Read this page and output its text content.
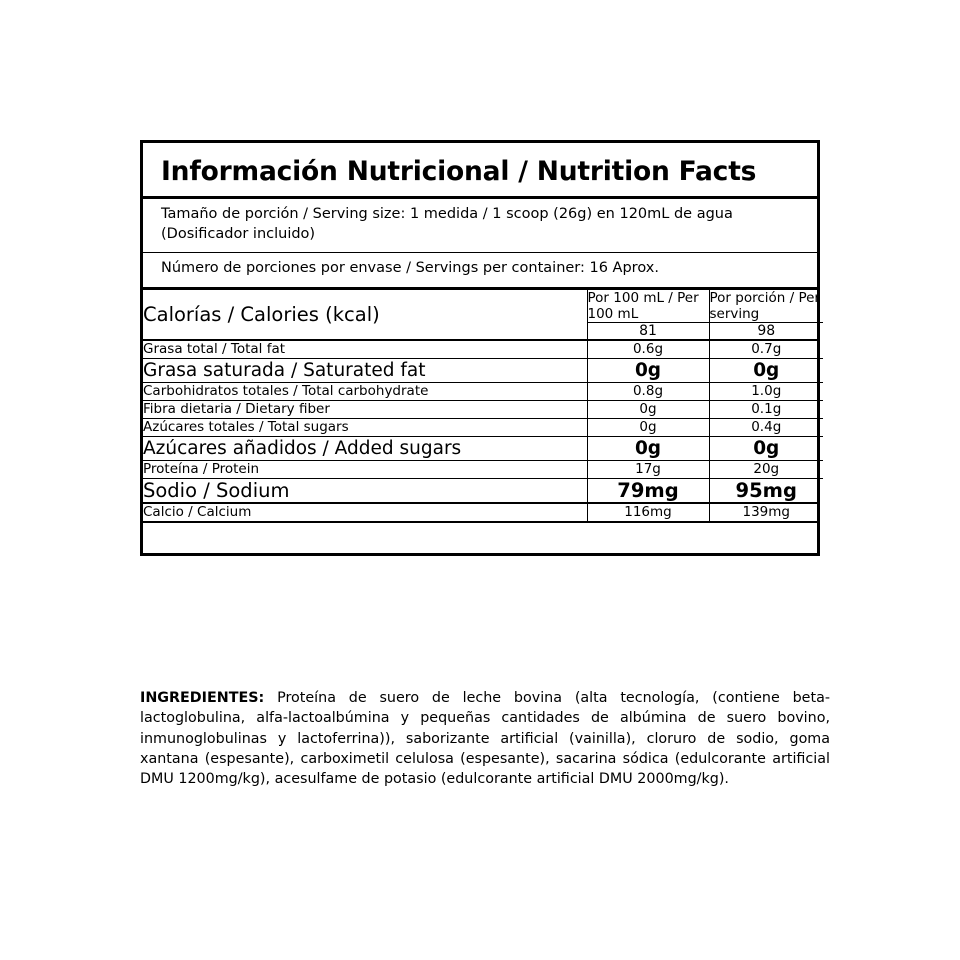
Información Nutricional / Nutrition Facts
Tamaño de porción / Serving size: 1 medida / 1 scoop (26g) en 120mL de agua (Dosificador incluido)
Número de porciones por envase / Servings per container: 16 Aprox.
Calorías / Calories (kcal)	Por 100 mL / Per 100 mL	Por porción / Per serving
	81	98
Grasa total / Total fat	0.6g	0.7g
Grasa saturada / Saturated fat	0g	0g
Carbohidratos totales / Total carbohydrate	0.8g	1.0g
Fibra dietaria / Dietary fiber	0g	0.1g
Azúcares totales / Total sugars	0g	0.4g
Azúcares añadidos / Added sugars	0g	0g
Proteína / Protein	17g	20g
Sodio / Sodium	79mg	95mg
Calcio / Calcium	116mg	139mg
INGREDIENTES: Proteína de suero de leche bovina (alta tecnología, (contiene beta-lactoglobulina, alfa-lactoalbúmina y pequeñas cantidades de albúmina de suero bovino, inmunoglobulinas y lactoferrina)), saborizante artificial (vainilla), cloruro de sodio, goma xantana (espesante), carboximetil celulosa (espesante), sacarina sódica (edulcorante artificial DMU 1200mg/kg), acesulfame de potasio (edulcorante artificial DMU 2000mg/kg).
